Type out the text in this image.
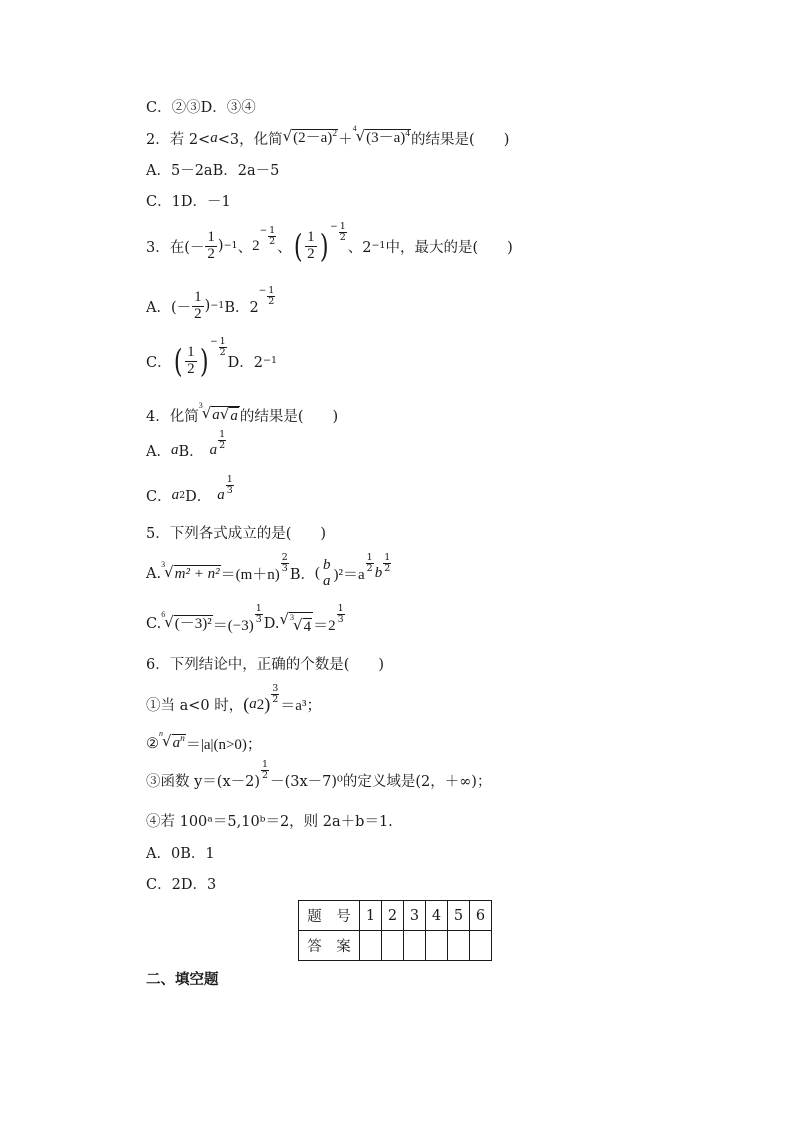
C．②③D．③④
2．若 2< a <3，化简 √ $(2-a)^2$ ＋
4 √ $(3-a)^4$ 的结果是(　　)
A．5－2aB．2a－5
C．1D．－1
3．在(－ $\frac{1}{2}$ ) −1 、 2
− $\frac{1}{2}$
、 ( $\frac{1}{2}$ )
− $\frac{1}{2}$
、2 −1 中，最大的是(　　)
A．(－ $\frac{1}{2}$ ) −1 B．2
− $\frac{1}{2}$
C． ( $\frac{1}{2}$ )
− $\frac{1}{2}$
D．2 −1
4．化简
3 √ a √ a 的结果是(　　)
A． a B． a $\frac{1}{2}$
C． a 2 D． a $\frac{1}{3}$
5．下列各式成立的是(　　)
A.
3 √ m² + n² ＝(m＋n)
$\frac{2}{3}$
B． (
b
a )²＝a
$\frac{1}{2}$ b $\frac{1}{2}$
C.
6 √ (－3)² ＝(−3)
$\frac{1}{3} D$. √ 3 √ 4 ＝2
$\frac{1}{3}$
6．下列结论中，正确的个数是(　　)
①当 a<0 时， ( a 2 ) $\frac{3}{2}$
＝a³；
②
n √ $a^n =|a|(n>0)$；
③函数 y＝(x－2)
$\frac{1}{2}$
－(3x－7)⁰的定义域是(2，＋∞)；
④若 100ᵃ＝5,10ᵇ＝2，则 2a＋b＝1.
A．0B．1
C．2D．3
题　号	1	2	3	4	5	6
答　案						
二、填空题
